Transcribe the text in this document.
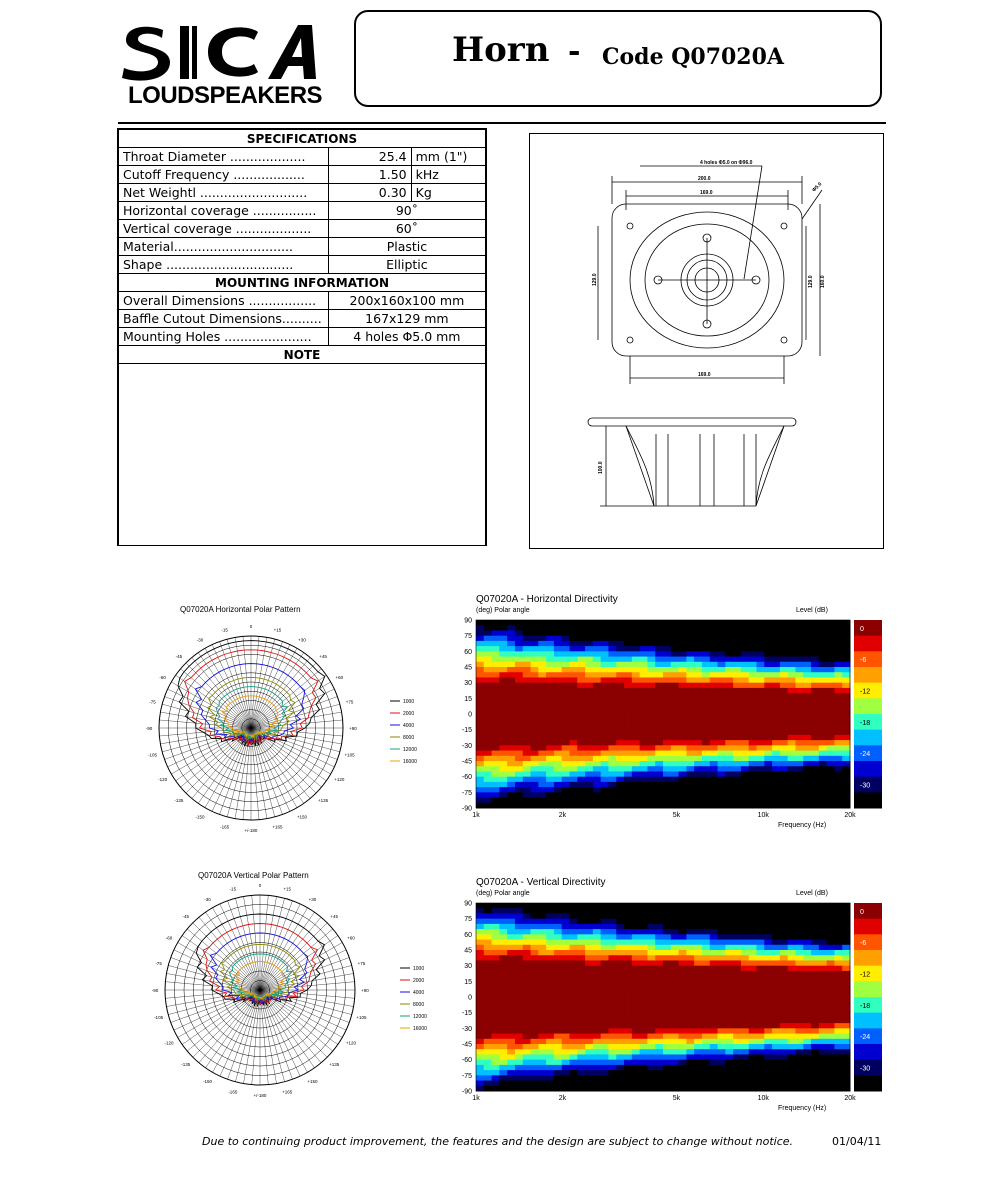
LOUDSPEAKERS
Horn - Code Q07020A
SPECIFICATIONS		
Throat Diameter ...................	25.4	mm (1")
Cutoff Frequency ..................	1.50	kHz
Net Weightl ...........................	0.30	Kg
Horizontal coverage ................	90˚	
Vertical coverage ...................	60˚	
Material..............................	Plastic	
Shape ................................	Elliptic	
MOUNTING INFORMATION		
Overall Dimensions .................	200x160x100 mm	
Baffle Cutout Dimensions..........	167x129 mm	
Mounting Holes ......................	4 holes Φ5.0 mm	
NOTE		

4 holes Φ5.0 on Φ96.0
200.0
169.0	Φ5.0
129.0	129.0 160.0
169.0
100.0
Q07020A Horizontal Polar Pattern
0
+15
+30
+45
+60
+75
+90
+105
+120
+135
+150
+165
+/-180
-165
-150
-135
-120
-105
-90
-75
-60
-45
-30
-15
1000
2000
4000
8000
12000
16000
Q07020A Vertical Polar Pattern
0
+15
+30
+45
+60
+75
+90
+105
+120
+135
+150
+165
+/-180
-165
-150
-135
-120
-105
-90
-75
-60
-45
-30
-15
1000
2000
4000
8000
12000
16000
Q07020A - Horizontal Directivity
(deg) Polar angle	Level (dB)
Frequency (Hz)
90
75
60
45
30
15
0
-15
-30
-45
-60
-75
-90
1k	2k	5k	10k	20k
0
-6
-12
-18
-24
-30
Q07020A - Vertical Directivity
(deg) Polar angle	Level (dB)
Frequency (Hz)
90
75
60
45
30
15
0
-15
-30
-45
-60
-75
-90
1k	2k	5k	10k	20k
0
-6
-12
-18
-24
-30
Due to continuing product improvement, the features and the design are subject to change without notice.	01/04/11
